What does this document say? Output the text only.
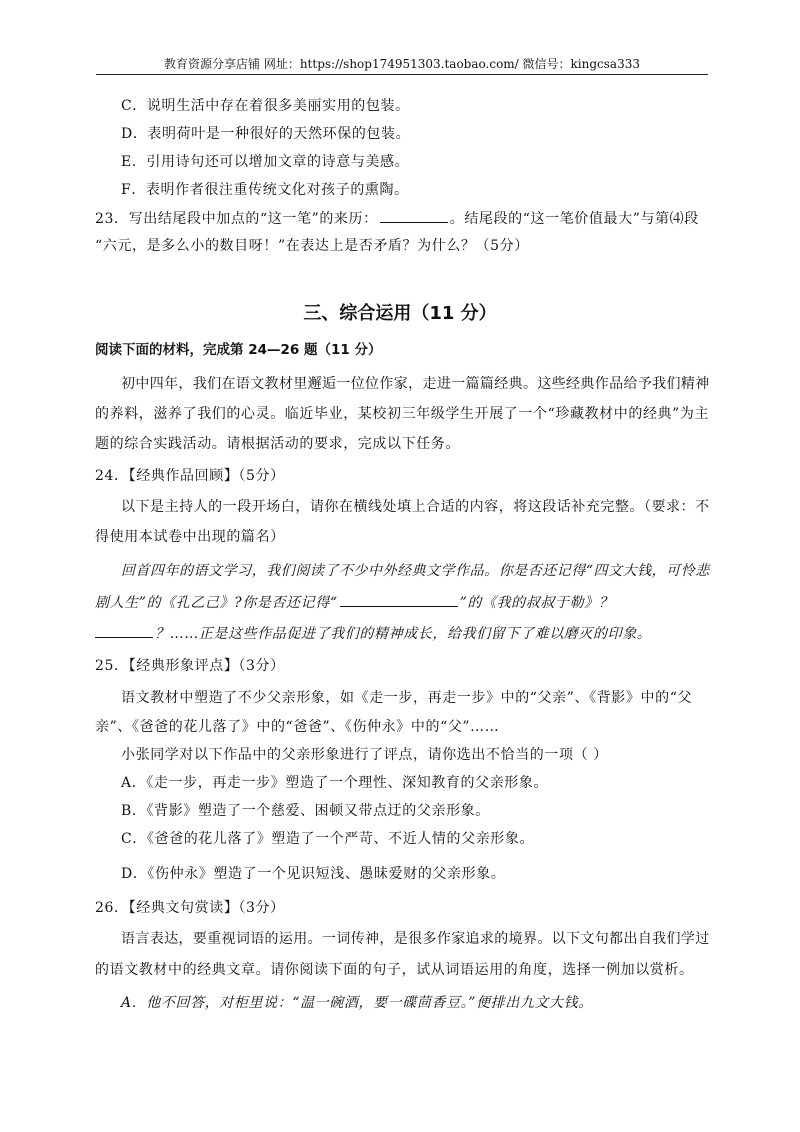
教育资源分享店铺 网址：https://shop174951303.taobao.com/ 微信号：kingcsa333
C．说明生活中存在着很多美丽实用的包装。
D．表明荷叶是一种很好的天然环保的包装。
E．引用诗句还可以增加文章的诗意与美感。
F．表明作者很注重传统文化对孩子的熏陶。
23．写出结尾段中加点的“这一笔”的来历：	。结尾段的“这一笔价值最大”与第⑷段
“六元，是多么小的数目呀！”在表达上是否矛盾？为什么？（5分）
三、综合运用（11 分）
阅读下面的材料，完成第 24—26 题（11 分）
初中四年，我们在语文教材里邂逅一位位作家，走进一篇篇经典。这些经典作品给予我们精神
的养料，滋养了我们的心灵。临近毕业，某校初三年级学生开展了一个“珍藏教材中的经典”为主
题的综合实践活动。请根据活动的要求，完成以下任务。
24．【经典作品回顾】（5分）
以下是主持人的一段开场白，请你在横线处填上合适的内容，将这段话补充完整。（要求：不
得使用本试卷中出现的篇名）
回首四年的语文学习，我们阅读了不少中外经典文学作品。你是否还记得“四文大钱，可怜悲
剧人生”的《孔乙己》?你是否还记得“	”的《我的叔叔于勒》？
？……正是这些作品促进了我们的精神成长，给我们留下了难以磨灭的印象。
25．【经典形象评点】（3分）
语文教材中塑造了不少父亲形象，如《走一步，再走一步》中的“父亲”、《背影》中的“父
亲”、《爸爸的花儿落了》中的“爸爸”、《伤仲永》中的“父”……
小张同学对以下作品中的父亲形象进行了评点，请你选出不恰当的一项（ ）
A．《走一步，再走一步》塑造了一个理性、深知教育的父亲形象。
B．《背影》塑造了一个慈爱、困顿又带点迂的父亲形象。
C．《爸爸的花儿落了》塑造了一个严苛、不近人情的父亲形象。
D．《伤仲永》塑造了一个见识短浅、愚昧爱财的父亲形象。
26．【经典文句赏读】（3分）
语言表达，要重视词语的运用。一词传神，是很多作家追求的境界。以下文句都出自我们学过
的语文教材中的经典文章。请你阅读下面的句子，试从词语运用的角度，选择一例加以赏析。
A．他不回答，对柜里说：“温一碗酒，要一碟茴香豆。”便排出九文大钱。
